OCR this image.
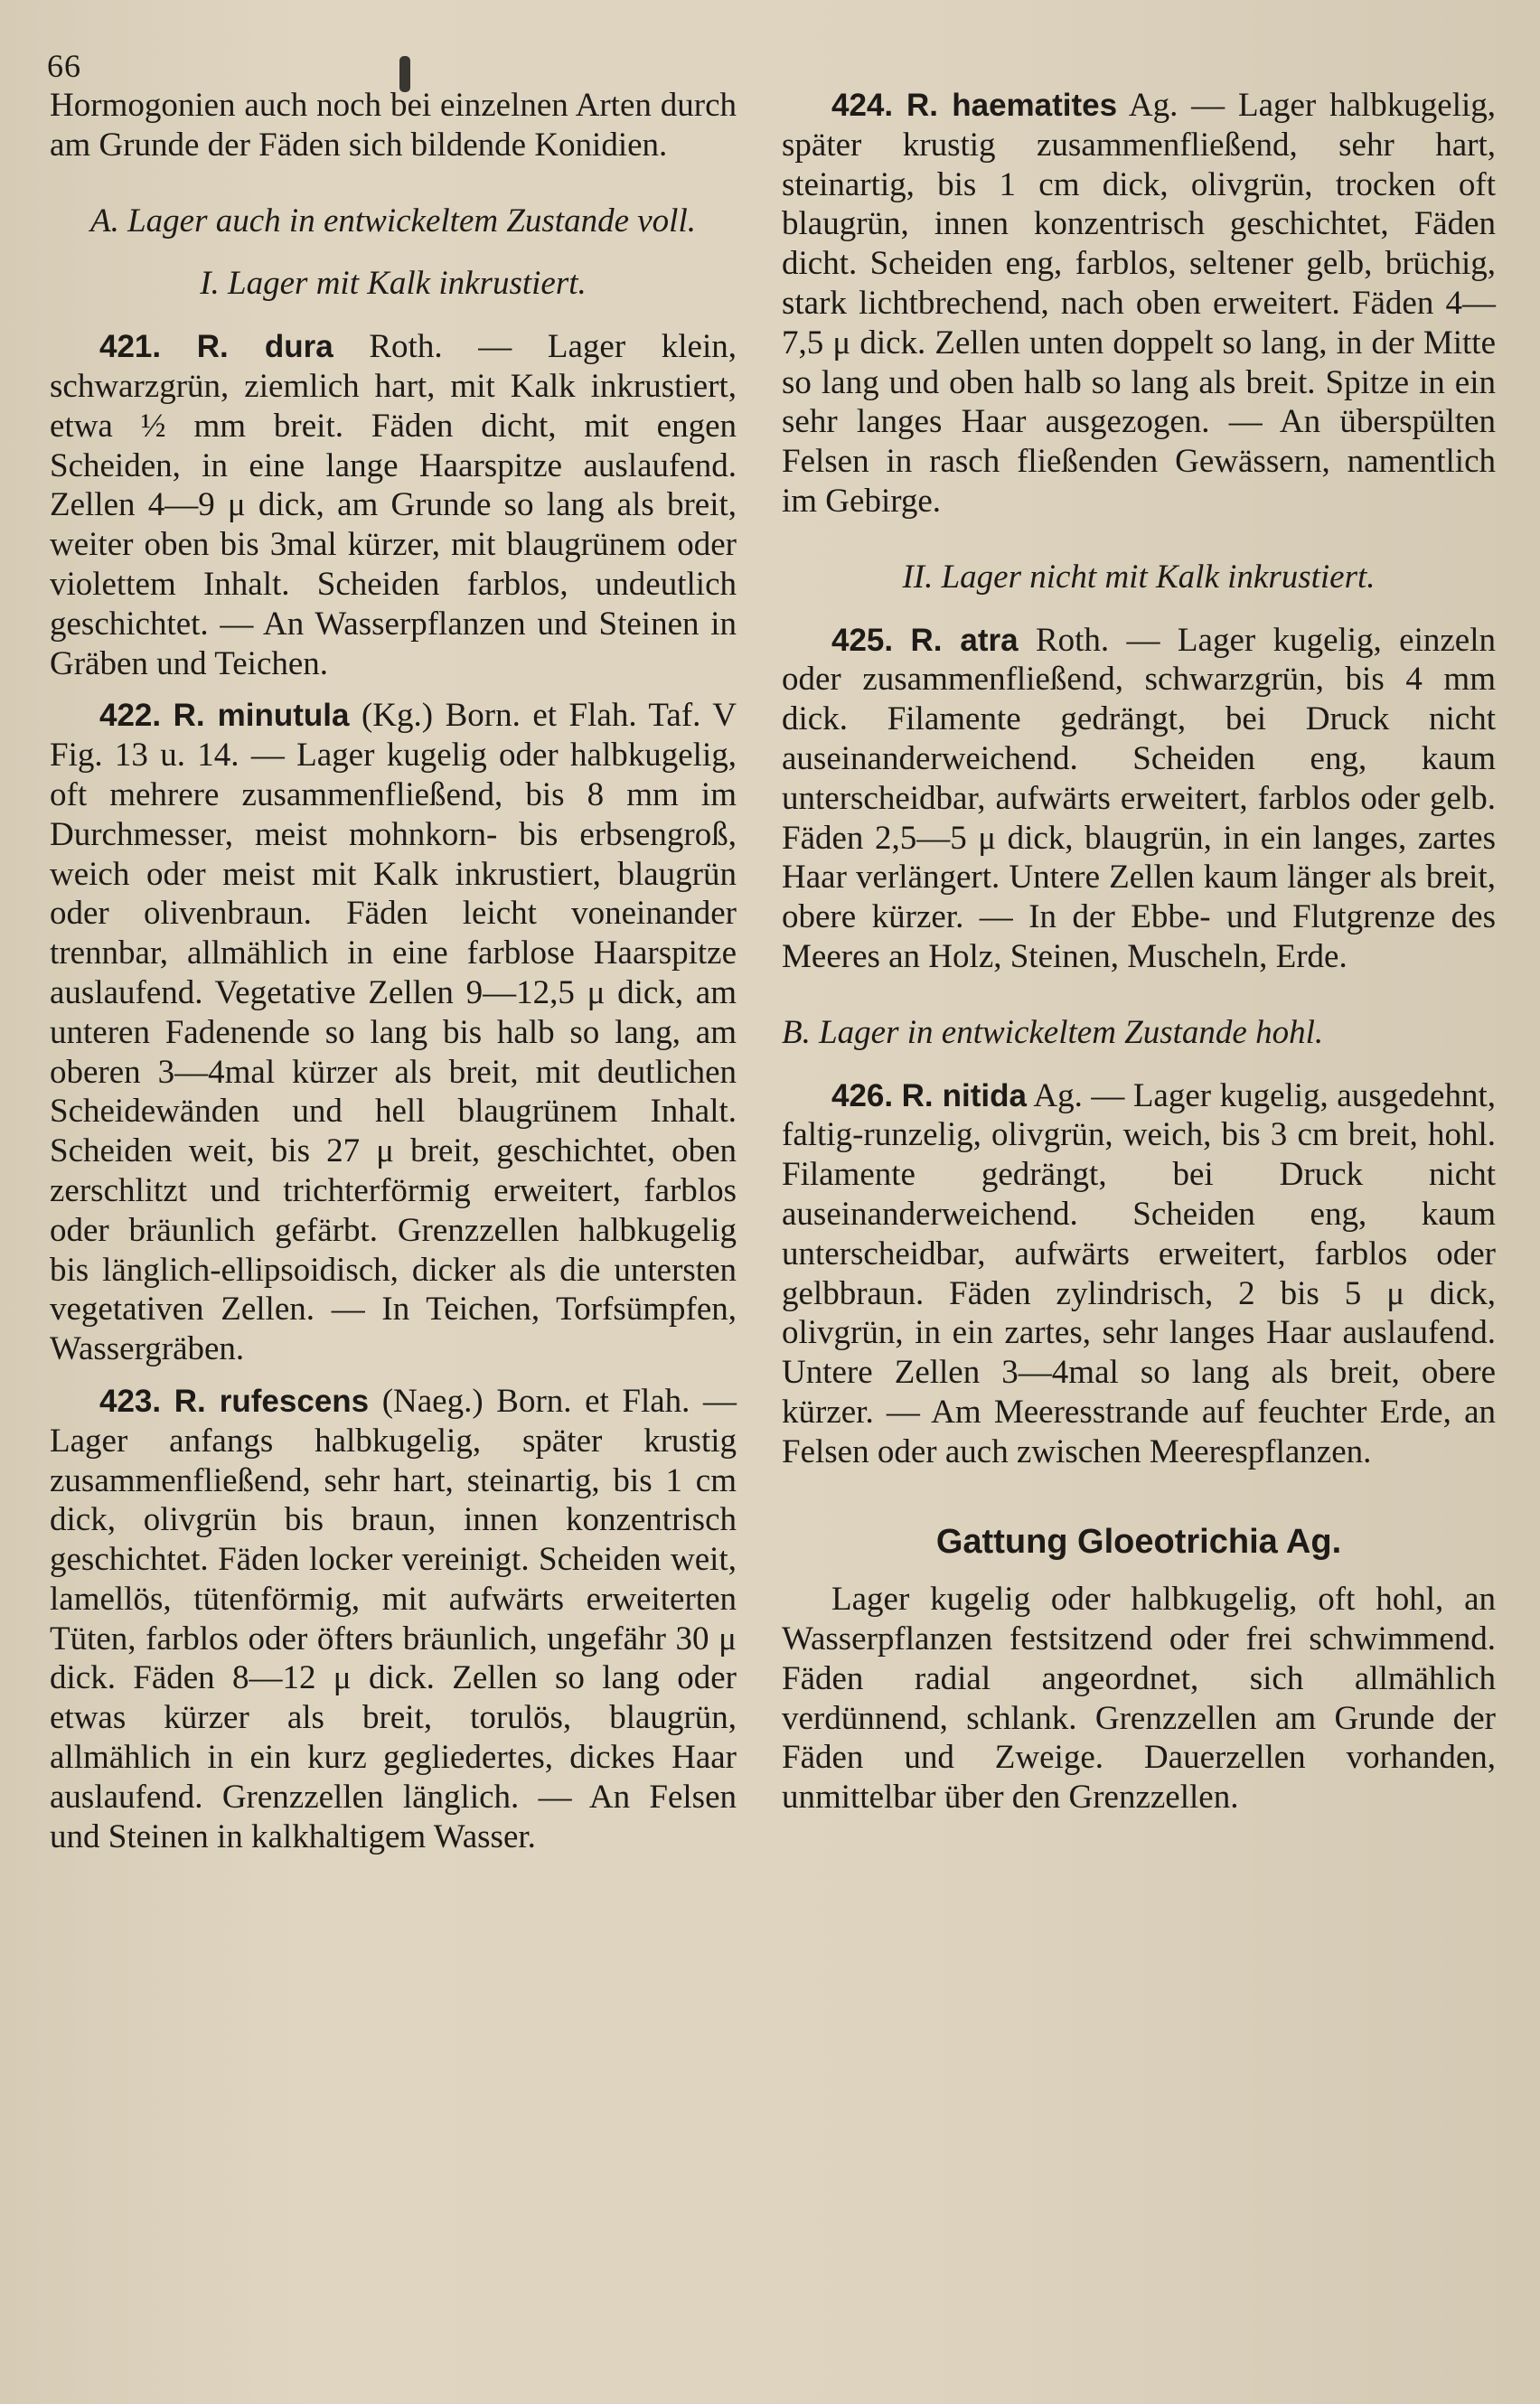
66

Hormogonien auch noch bei einzelnen Arten durch am Grunde der Fäden sich bildende Konidien.

A. Lager auch in entwickeltem Zustande voll.

I. Lager mit Kalk inkrustiert.

421. R. dura Roth. — Lager klein, schwarzgrün, ziemlich hart, mit Kalk inkrustiert, etwa ½ mm breit. Fäden dicht, mit engen Scheiden, in eine lange Haarspitze auslaufend. Zellen 4—9 μ dick, am Grunde so lang als breit, weiter oben bis 3mal kürzer, mit blaugrünem oder violettem Inhalt. Scheiden farblos, undeutlich geschichtet. — An Wasserpflanzen und Steinen in Gräben und Teichen.

422. R. minutula (Kg.) Born. et Flah. Taf. V Fig. 13 u. 14. — Lager kugelig oder halbkugelig, oft mehrere zusammenfließend, bis 8 mm im Durchmesser, meist mohnkorn- bis erbsengroß, weich oder meist mit Kalk inkrustiert, blaugrün oder olivenbraun. Fäden leicht voneinander trennbar, allmählich in eine farblose Haarspitze auslaufend. Vegetative Zellen 9—12,5 μ dick, am unteren Fadenende so lang bis halb so lang, am oberen 3—4mal kürzer als breit, mit deutlichen Scheidewänden und hell blaugrünem Inhalt. Scheiden weit, bis 27 μ breit, geschichtet, oben zerschlitzt und trichterförmig erweitert, farblos oder bräunlich gefärbt. Grenzzellen halbkugelig bis länglich-ellipsoidisch, dicker als die untersten vegetativen Zellen. — In Teichen, Torfsümpfen, Wassergräben.

423. R. rufescens (Naeg.) Born. et Flah. — Lager anfangs halbkugelig, später krustig zusammenfließend, sehr hart, steinartig, bis 1 cm dick, olivgrün bis braun, innen konzentrisch geschichtet. Fäden locker vereinigt. Scheiden weit, lamellös, tütenförmig, mit aufwärts erweiterten Tüten, farblos oder öfters bräunlich, ungefähr 30 μ dick. Fäden 8—12 μ dick. Zellen so lang oder etwas kürzer als breit, torulös, blaugrün, allmählich in ein kurz gegliedertes, dickes Haar auslaufend. Grenzzellen länglich. — An Felsen und Steinen in kalkhaltigem Wasser.

424. R. haematites Ag. — Lager halbkugelig, später krustig zusammenfließend, sehr hart, steinartig, bis 1 cm dick, olivgrün, trocken oft blaugrün, innen konzentrisch geschichtet, Fäden dicht. Scheiden eng, farblos, seltener gelb, brüchig, stark lichtbrechend, nach oben erweitert. Fäden 4—7,5 μ dick. Zellen unten doppelt so lang, in der Mitte so lang und oben halb so lang als breit. Spitze in ein sehr langes Haar ausgezogen. — An überspülten Felsen in rasch fließenden Gewässern, namentlich im Gebirge.

II. Lager nicht mit Kalk inkrustiert.

425. R. atra Roth. — Lager kugelig, einzeln oder zusammenfließend, schwarzgrün, bis 4 mm dick. Filamente gedrängt, bei Druck nicht auseinanderweichend. Scheiden eng, kaum unterscheidbar, aufwärts erweitert, farblos oder gelb. Fäden 2,5—5 μ dick, blaugrün, in ein langes, zartes Haar verlängert. Untere Zellen kaum länger als breit, obere kürzer. — In der Ebbe- und Flutgrenze des Meeres an Holz, Steinen, Muscheln, Erde.

B. Lager in entwickeltem Zustande hohl.

426. R. nitida Ag. — Lager kugelig, ausgedehnt, faltig-runzelig, olivgrün, weich, bis 3 cm breit, hohl. Filamente gedrängt, bei Druck nicht auseinanderweichend. Scheiden eng, kaum unterscheidbar, aufwärts erweitert, farblos oder gelbbraun. Fäden zylindrisch, 2 bis 5 μ dick, olivgrün, in ein zartes, sehr langes Haar auslaufend. Untere Zellen 3—4mal so lang als breit, obere kürzer. — Am Meeresstrande auf feuchter Erde, an Felsen oder auch zwischen Meerespflanzen.

Gattung Gloeotrichia Ag.

Lager kugelig oder halbkugelig, oft hohl, an Wasserpflanzen festsitzend oder frei schwimmend. Fäden radial angeordnet, sich allmählich verdünnend, schlank. Grenzzellen am Grunde der Fäden und Zweige. Dauerzellen vorhanden, unmittelbar über den Grenzzellen.
